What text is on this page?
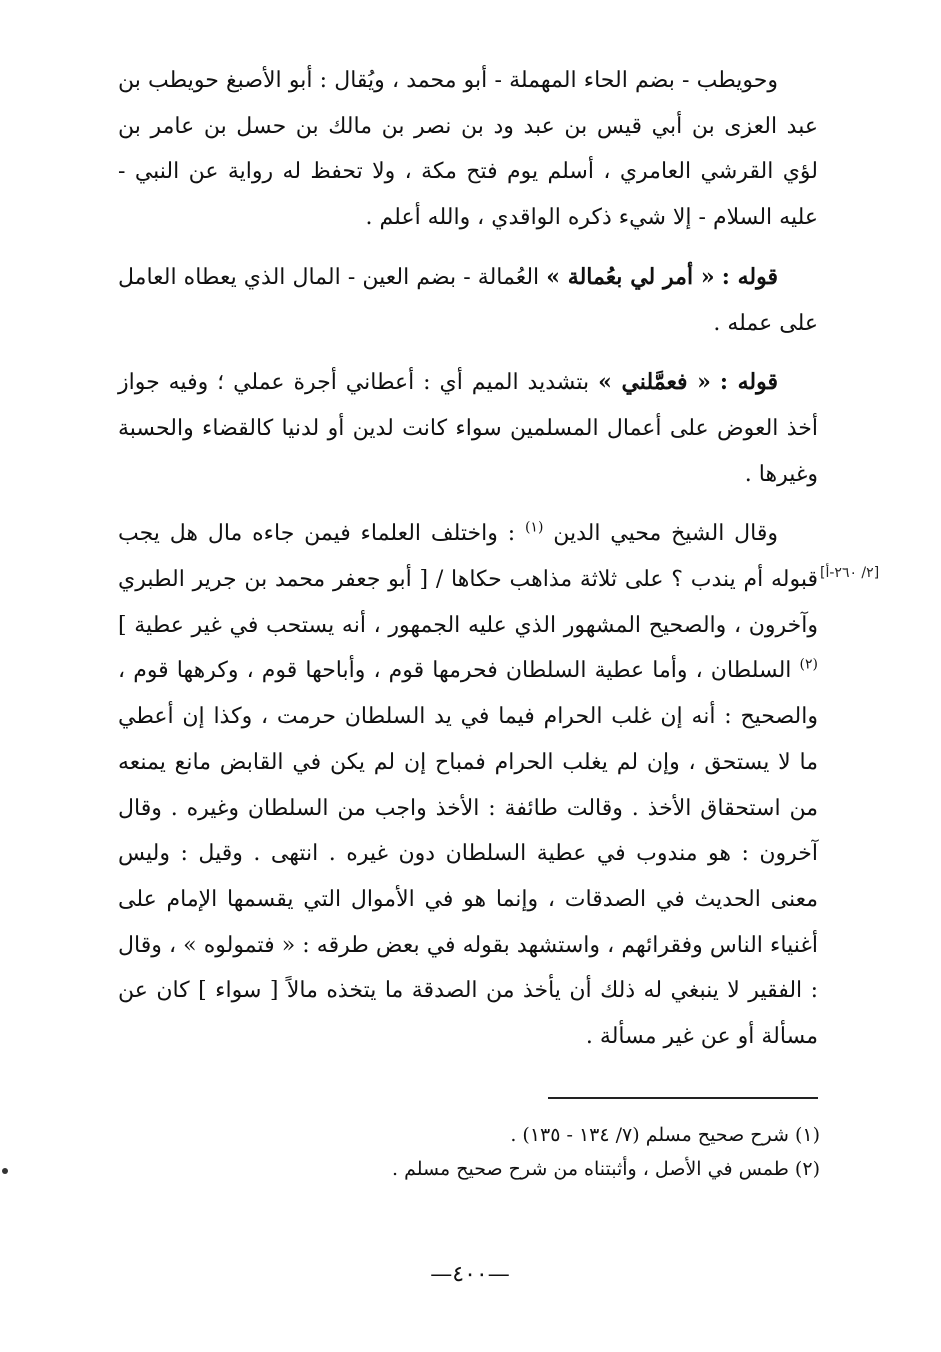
وحويطب - بضم الحاء المهملة - أبو محمد ، ويُقال : أبو الأصبغ حويطب بن عبد العزى بن أبي قيس بن عبد ود بن نصر بن مالك بن حسل بن عامر بن لؤي القرشي العامري ، أسلم يوم فتح مكة ، ولا تحفظ له رواية عن النبي - عليه السلام - إلا شيء ذكره الواقدي ، والله أعلم .

قوله : « أمر لي بعُمالة » العُمالة - بضم العين - المال الذي يعطاه العامل على عمله .

قوله : « فعمَّلني » بتشديد الميم أي : أعطاني أجرة عملي ؛ وفيه جواز أخذ العوض على أعمال المسلمين سواء كانت لدين أو لدنيا كالقضاء والحسبة وغيرها .

وقال الشيخ محيي الدين $^{(١)}$ : واختلف العلماء فيمن جاءه مال هل يجب قبوله أم يندب ؟ على ثلاثة مذاهب حكاها / [ أبو جعفر محمد بن جرير الطبري وآخرون ، والصحيح المشهور الذي عليه الجمهور ، أنه يستحب في غير عطية ] $^{(٢)}$ السلطان ، وأما عطية السلطان فحرمها قوم ، وأباحها قوم ، وكرهها قوم ، والصحيح : أنه إن غلب الحرام فيما في يد السلطان حرمت ، وكذا إن أعطي ما لا يستحق ، وإن لم يغلب الحرام فمباح إن لم يكن في القابض مانع يمنعه من استحقاق الأخذ . وقالت طائفة : الأخذ واجب من السلطان وغيره . وقال آخرون : هو مندوب في عطية السلطان دون غيره . انتهى . وقيل : وليس معنى الحديث في الصدقات ، وإنما هو في الأموال التي يقسمها الإمام على أغنياء الناس وفقرائهم ، واستشهد بقوله في بعض طرقه : « فتمولوه » ، وقال : الفقير لا ينبغي له ذلك أن يأخذ من الصدقة ما يتخذه مالاً [ سواء ] كان عن مسألة أو عن غير مسألة .

[٢/ ٢٦٠-أ]

(١) شرح صحيح مسلم (٧/ ١٣٤ - ١٣٥) .

(٢) طمس في الأصل ، وأثبتناه من شرح صحيح مسلم .

—٤٠٠—
